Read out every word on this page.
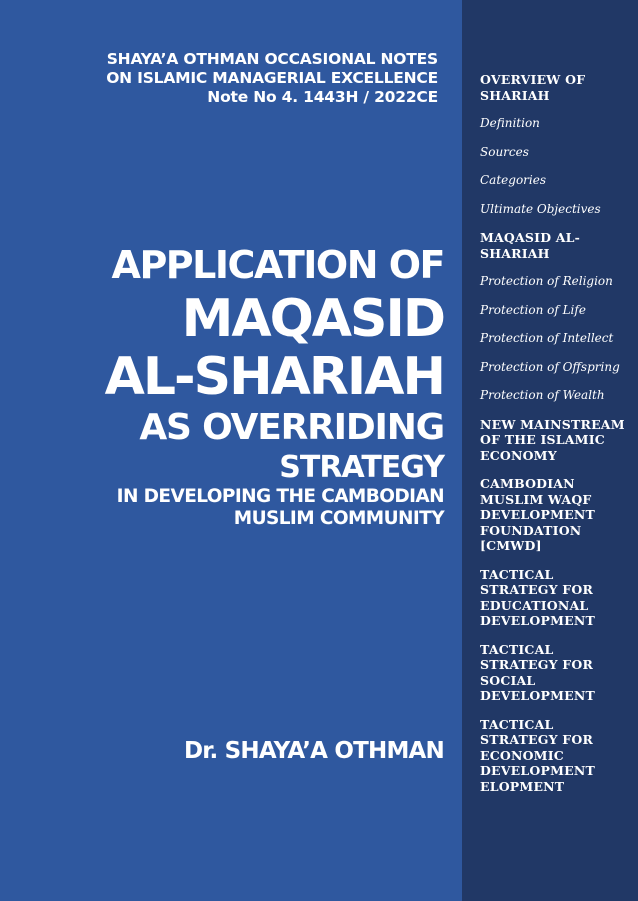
SHAYA’A OTHMAN OCCASIONAL NOTES
ON ISLAMIC MANAGERIAL EXCELLENCE
Note No 4. 1443H / 2022CE
APPLICATION OF
MAQASID
AL-SHARIAH
AS OVERRIDING
STRATEGY
IN DEVELOPING THE CAMBODIAN
MUSLIM COMMUNITY
Dr. SHAYA’A OTHMAN
OVERVIEW OF SHARIAH
Definition
Sources
Categories
Ultimate Objectives
MAQASID AL-SHARIAH
Protection of Religion
Protection of Life
Protection of Intellect
Protection of Offspring
Protection of Wealth
NEW MAINSTREAM OF THE ISLAMIC ECONOMY
CAMBODIAN MUSLIM WAQF DEVELOPMENT FOUNDATION [CMWD]
TACTICAL STRATEGY FOR EDUCATIONAL DEVELOPMENT
TACTICAL STRATEGY FOR SOCIAL DEVELOPMENT
TACTICAL STRATEGY FOR ECONOMIC DEVELOPMENT ELOPMENT
